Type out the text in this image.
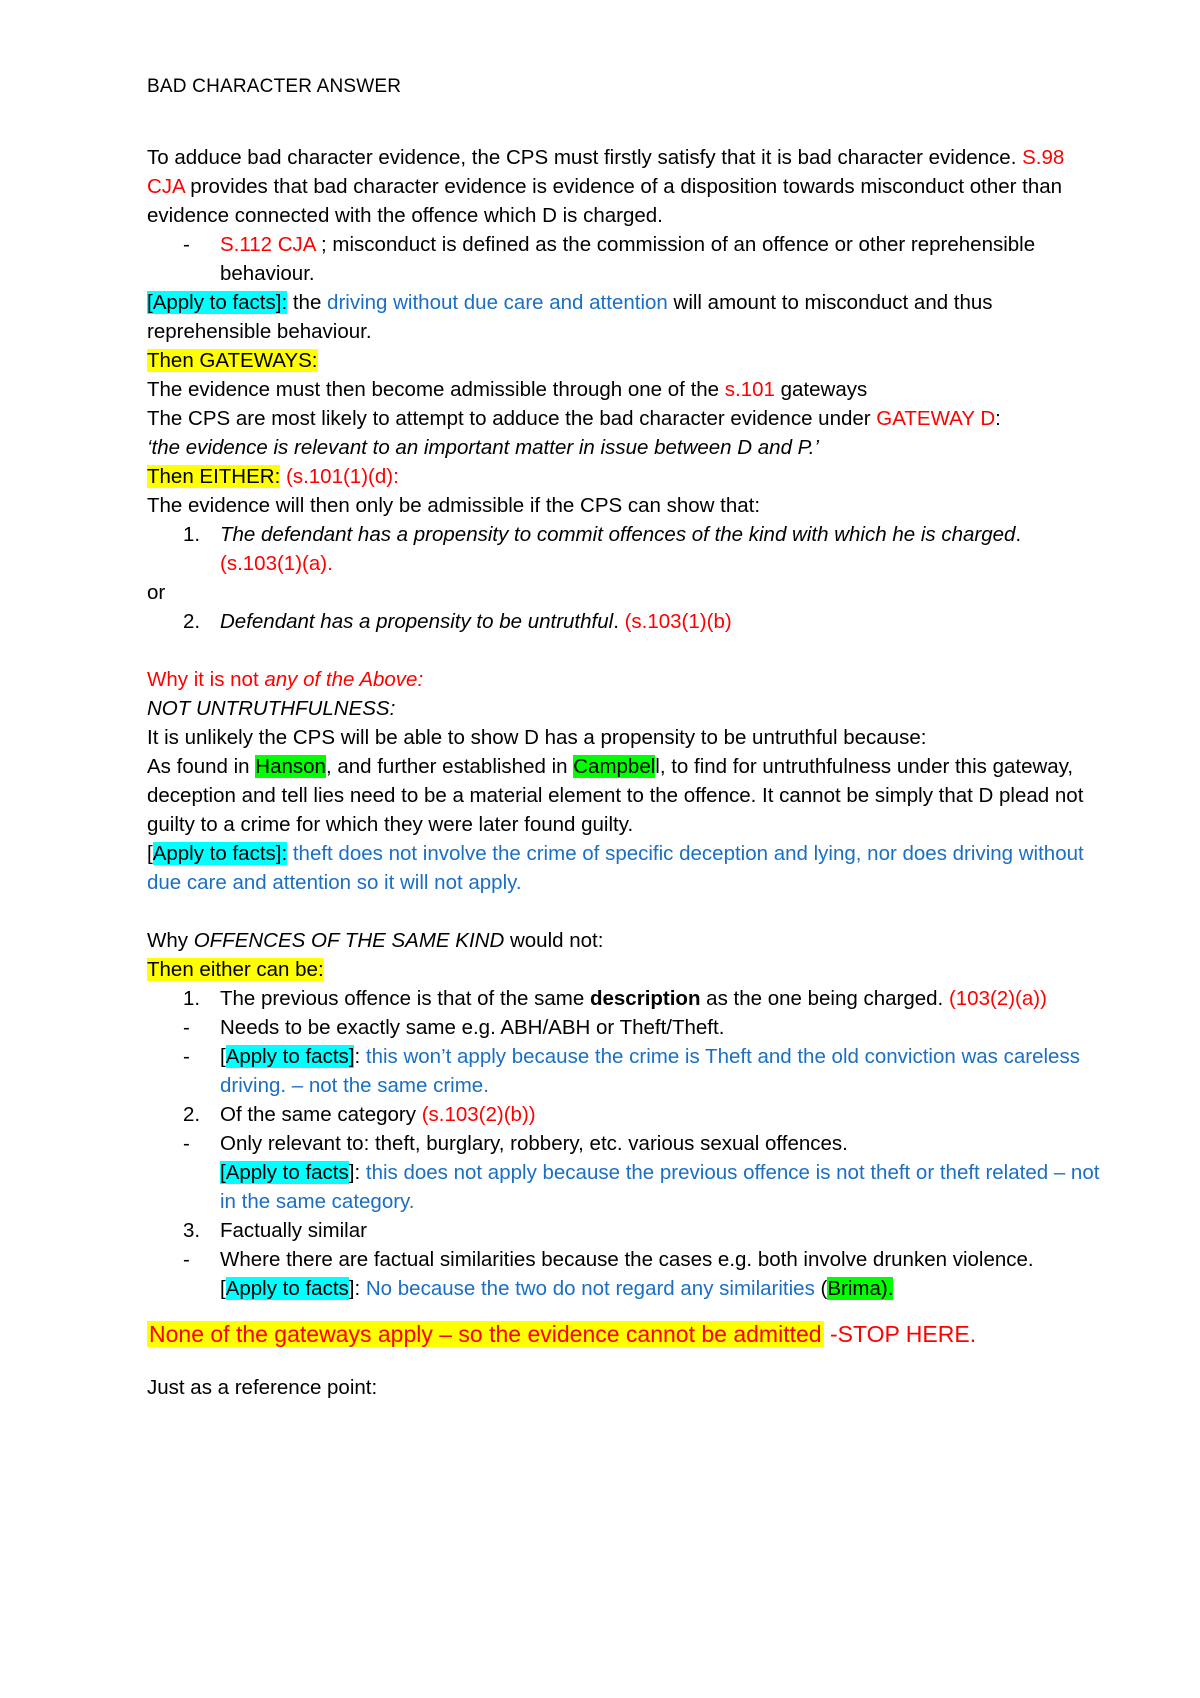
BAD CHARACTER ANSWER

To adduce bad character evidence, the CPS must firstly satisfy that it is bad character evidence. S.98 CJA provides that bad character evidence is evidence of a disposition towards misconduct other than evidence connected with the offence which D is charged.

- S.112 CJA ; misconduct is defined as the commission of an offence or other reprehensible behaviour.

[Apply to facts]: the driving without due care and attention will amount to misconduct and thus reprehensible behaviour.

Then GATEWAYS:

The evidence must then become admissible through one of the s.101 gateways

The CPS are most likely to attempt to adduce the bad character evidence under GATEWAY D:

‘the evidence is relevant to an important matter in issue between D and P.’

Then EITHER: (s.101(1)(d):

The evidence will then only be admissible if the CPS can show that:

1. The defendant has a propensity to commit offences of the kind with which he is charged. (s.103(1)(a).

or

2. Defendant has a propensity to be untruthful. (s.103(1)(b)

Why it is not any of the Above:

NOT UNTRUTHFULNESS:

It is unlikely the CPS will be able to show D has a propensity to be untruthful because:

As found in Hanson, and further established in Campbell, to find for untruthfulness under this gateway, deception and tell lies need to be a material element to the offence. It cannot be simply that D plead not guilty to a crime for which they were later found guilty.

[Apply to facts]: theft does not involve the crime of specific deception and lying, nor does driving without due care and attention so it will not apply.

Why OFFENCES OF THE SAME KIND would not:

Then either can be:

1. The previous offence is that of the same description as the one being charged. (103(2)(a))
- Needs to be exactly same e.g. ABH/ABH or Theft/Theft.
- [Apply to facts]: this won’t apply because the crime is Theft and the old conviction was careless driving. – not the same crime.
2. Of the same category (s.103(2)(b))
- Only relevant to: theft, burglary, robbery, etc. various sexual offences.
[Apply to facts]: this does not apply because the previous offence is not theft or theft related – not in the same category.
3. Factually similar
- Where there are factual similarities because the cases e.g. both involve drunken violence.
[Apply to facts]: No because the two do not regard any similarities (Brima).

None of the gateways apply – so the evidence cannot be admitted -STOP HERE.

Just as a reference point:
